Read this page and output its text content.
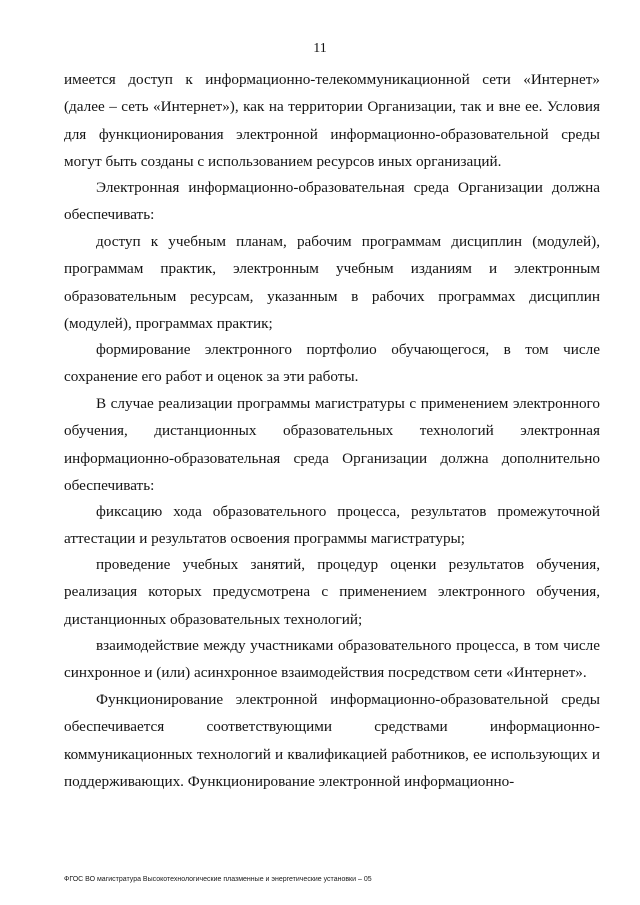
11

имеется доступ к информационно-телекоммуникационной сети «Интернет» (далее – сеть «Интернет»), как на территории Организации, так и вне ее. Условия для функционирования электронной информационно-образовательной среды могут быть созданы с использованием ресурсов иных организаций.

Электронная информационно-образовательная среда Организации должна обеспечивать:

доступ к учебным планам, рабочим программам дисциплин (модулей), программам практик, электронным учебным изданиям и электронным образовательным ресурсам, указанным в рабочих программах дисциплин (модулей), программах практик;

формирование электронного портфолио обучающегося, в том числе сохранение его работ и оценок за эти работы.

В случае реализации программы магистратуры с применением электронного обучения, дистанционных образовательных технологий электронная информационно-образовательная среда Организации должна дополнительно обеспечивать:

фиксацию хода образовательного процесса, результатов промежуточной аттестации и результатов освоения программы магистратуры;

проведение учебных занятий, процедур оценки результатов обучения, реализация которых предусмотрена с применением электронного обучения, дистанционных образовательных технологий;

взаимодействие между участниками образовательного процесса, в том числе синхронное и (или) асинхронное взаимодействия посредством сети «Интернет».

Функционирование электронной информационно-образовательной среды обеспечивается соответствующими средствами информационно-коммуникационных технологий и квалификацией работников, ее использующих и поддерживающих. Функционирование электронной информационно-

ФГОС ВО магистратура Высокотехнологические плазменные и энергетические установки – 05
